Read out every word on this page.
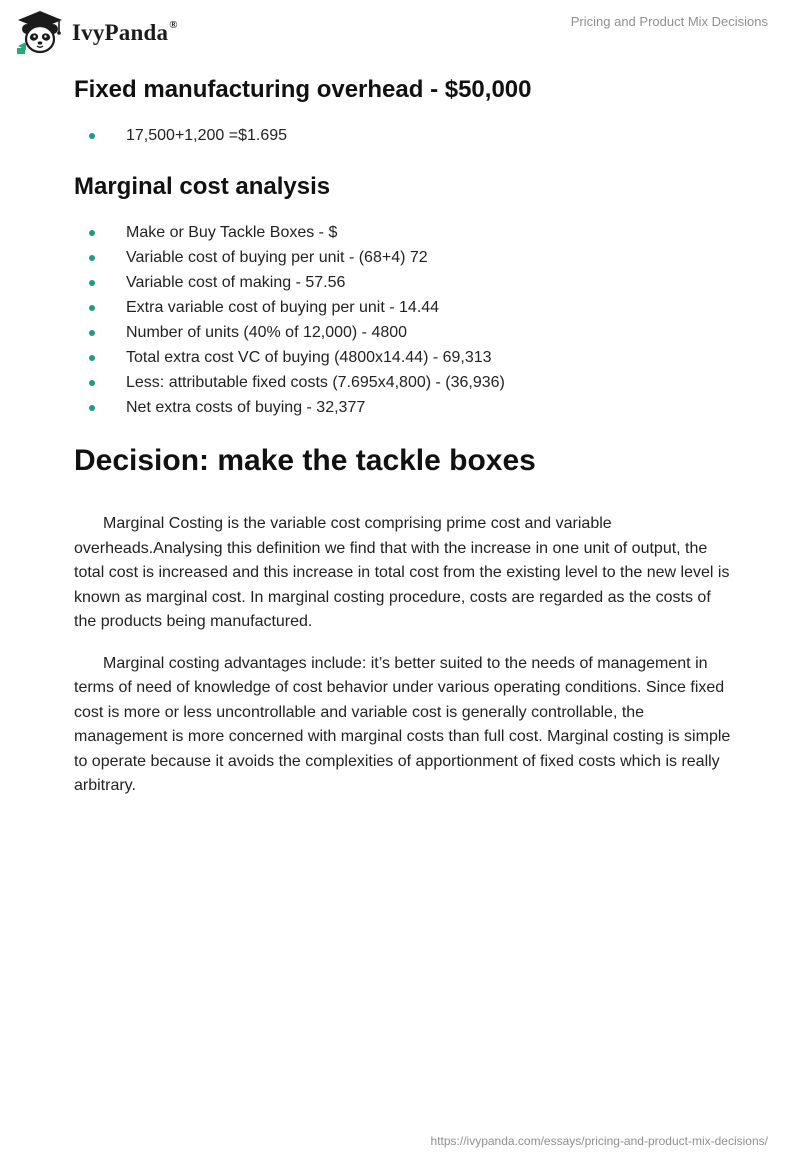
IvyPanda®	Pricing and Product Mix Decisions
Fixed manufacturing overhead - $50,000
17,500+1,200 =$1.695
Marginal cost analysis
Make or Buy Tackle Boxes - $
Variable cost of buying per unit - (68+4) 72
Variable cost of making - 57.56
Extra variable cost of buying per unit - 14.44
Number of units (40% of 12,000) - 4800
Total extra cost VC of buying (4800x14.44) - 69,313
Less: attributable fixed costs (7.695x4,800) - (36,936)
Net extra costs of buying - 32,377
Decision: make the tackle boxes

Marginal Costing is the variable cost comprising prime cost and variable overheads.Analysing this definition we find that with the increase in one unit of output, the total cost is increased and this increase in total cost from the existing level to the new level is known as marginal cost. In marginal costing procedure, costs are regarded as the costs of the products being manufactured.

Marginal costing advantages include: it’s better suited to the needs of management in terms of need of knowledge of cost behavior under various operating conditions. Since fixed cost is more or less uncontrollable and variable cost is generally controllable, the management is more concerned with marginal costs than full cost. Marginal costing is simple to operate because it avoids the complexities of apportionment of fixed costs which is really arbitrary.

https://ivypanda.com/essays/pricing-and-product-mix-decisions/
